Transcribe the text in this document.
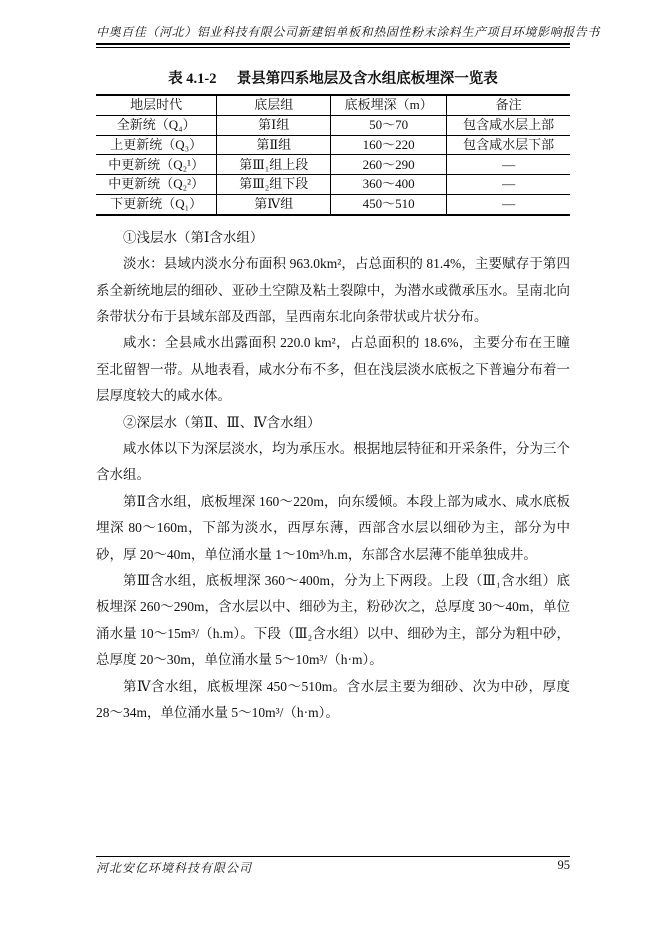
中奥百佳（河北）铝业科技有限公司新建铝单板和热固性粉末涂料生产项目环境影响报告书
表 4.1-2 景县第四系地层及含水组底板埋深一览表
地层时代	底层组	底板埋深（m）	备注
全新统（Q₄）	第Ⅰ组	50～70	包含咸水层上部
上更新统（Q₃）	第Ⅱ组	160～220	包含咸水层下部
中更新统（Q₂¹）	第Ⅲ₁组上段	260～290	—
中更新统（Q₂²）	第Ⅲ₂组下段	360～400	—
下更新统（Q₁）	第Ⅳ组	450～510	—

①浅层水（第Ⅰ含水组）

淡水：县域内淡水分布面积 963.0km²，占总面积的 81.4%，主要赋存于第四系全新统地层的细砂、亚砂土空隙及粘土裂隙中，为潜水或微承压水。呈南北向条带状分布于县域东部及西部，呈西南东北向条带状或片状分布。

咸水：全县咸水出露面积 220.0 km²，占总面积的 18.6%，主要分布在王瞳至北留智一带。从地表看，咸水分布不多，但在浅层淡水底板之下普遍分布着一层厚度较大的咸水体。

②深层水（第Ⅱ、Ⅲ、Ⅳ含水组）

咸水体以下为深层淡水，均为承压水。根据地层特征和开采条件，分为三个含水组。

第Ⅱ含水组，底板埋深 160～220m，向东缓倾。本段上部为咸水、咸水底板埋深 80～160m，下部为淡水，西厚东薄，西部含水层以细砂为主，部分为中砂，厚 20～40m，单位涌水量 1～10m³/h.m，东部含水层薄不能单独成井。

第Ⅲ含水组，底板埋深 360～400m，分为上下两段。上段（Ⅲ₁含水组）底板埋深 260～290m，含水层以中、细砂为主，粉砂次之，总厚度 30～40m，单位涌水量 10～15m³/（h.m）。下段（Ⅲ₂含水组）以中、细砂为主，部分为粗中砂，总厚度 20～30m，单位涌水量 5～10m³/（h·m）。

第Ⅳ含水组，底板埋深 450～510m。含水层主要为细砂、次为中砂，厚度 28～34m，单位涌水量 5～10m³/（h·m）。

河北安亿环境科技有限公司	95
